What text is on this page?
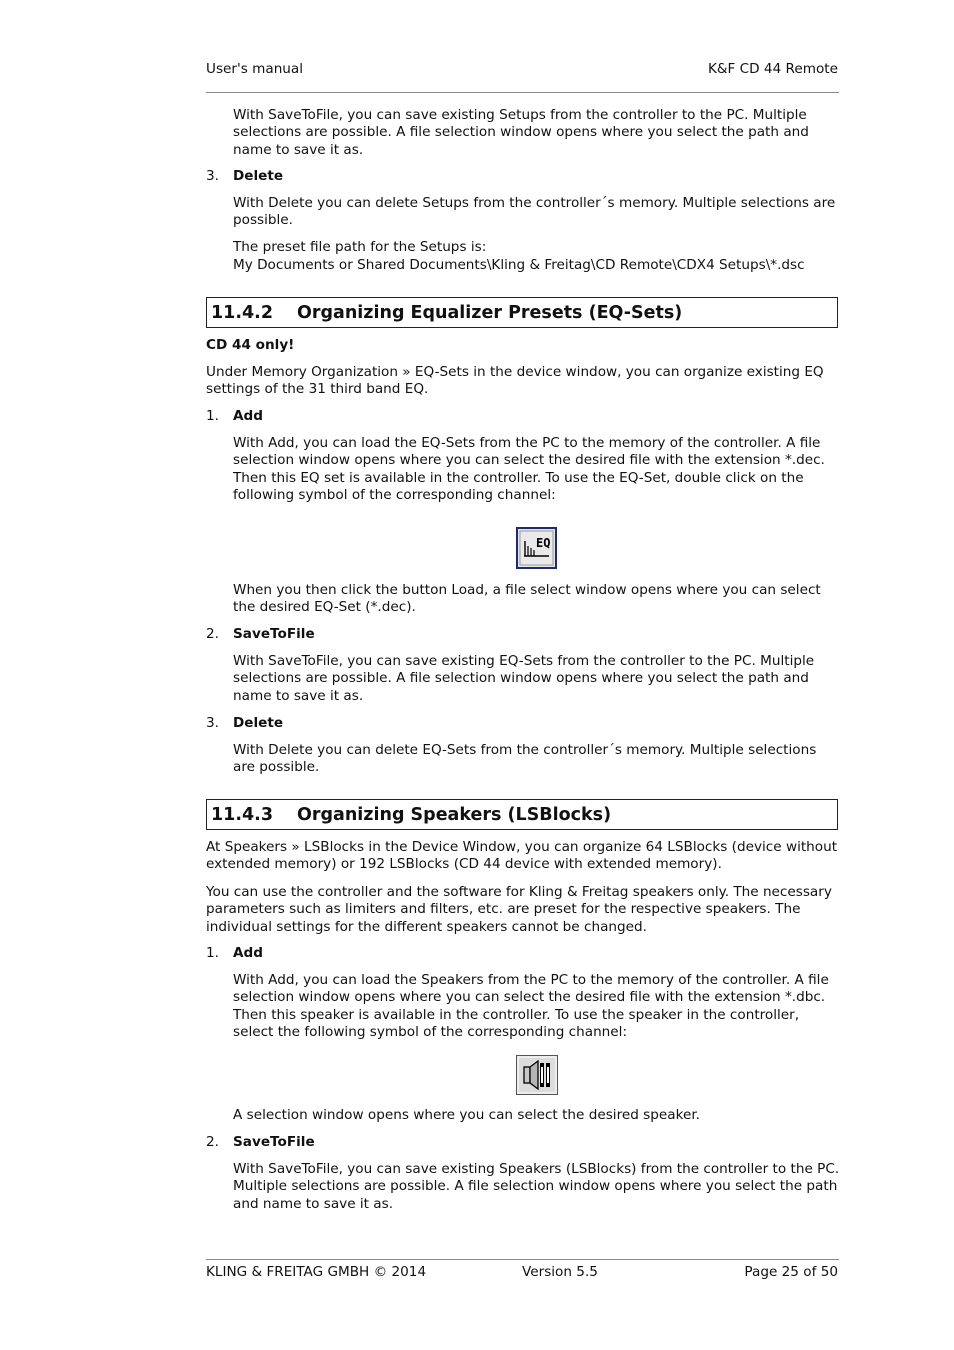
User's manual	K&F CD 44 Remote

With SaveToFile, you can save existing Setups from the controller to the PC. Multiple selections are possible. A file selection window opens where you select the path and name to save it as.

3. Delete

With Delete you can delete Setups from the controller´s memory. Multiple selections are possible.

The preset file path for the Setups is:

My Documents or Shared Documents\Kling & Freitag\CD Remote\CDX4 Setups\*.dsc

11.4.2 Organizing Equalizer Presets (EQ-Sets)
CD 44 only!

Under Memory Organization » EQ-Sets in the device window, you can organize existing EQ settings of the 31 third band EQ.

1. Add

With Add, you can load the EQ-Sets from the PC to the memory of the controller. A file selection window opens where you can select the desired file with the extension *.dec. Then this EQ set is available in the controller. To use the EQ-Set, double click on the following symbol of the corresponding channel:

EQ

When you then click the button Load, a file select window opens where you can select the desired EQ-Set (*.dec).

2. SaveToFile

With SaveToFile, you can save existing EQ-Sets from the controller to the PC. Multiple selections are possible. A file selection window opens where you select the path and name to save it as.

3. Delete

With Delete you can delete EQ-Sets from the controller´s memory. Multiple selections are possible.

11.4.3 Organizing Speakers (LSBlocks)

At Speakers » LSBlocks in the Device Window, you can organize 64 LSBlocks (device without extended memory) or 192 LSBlocks (CD 44 device with extended memory).

You can use the controller and the software for Kling & Freitag speakers only. The necessary parameters such as limiters and filters, etc. are preset for the respective speakers. The individual settings for the different speakers cannot be changed.

1. Add

With Add, you can load the Speakers from the PC to the memory of the controller. A file selection window opens where you can select the desired file with the extension *.dbc. Then this speaker is available in the controller. To use the speaker in the controller, select the following symbol of the corresponding channel:

A selection window opens where you can select the desired speaker.

2. SaveToFile

With SaveToFile, you can save existing Speakers (LSBlocks) from the controller to the PC. Multiple selections are possible. A file selection window opens where you select the path and name to save it as.

KLING & FREITAG GMBH © 2014	Version 5.5	Page 25 of 50
